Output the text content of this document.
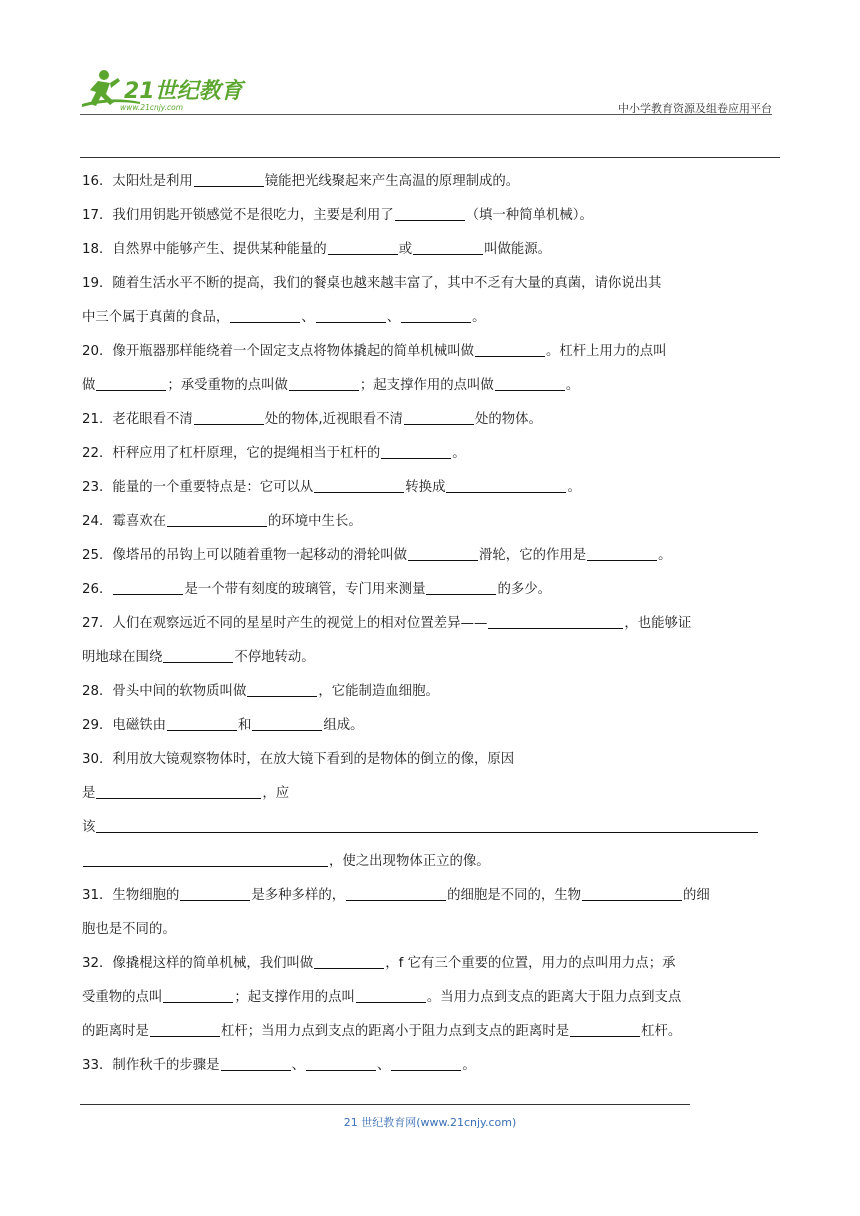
21世纪教育
www.21cnjy.com	中小学教育资源及组卷应用平台

16．太阳灶是利用	镜能把光线聚起来产生高温的原理制成的。

17．我们用钥匙开锁感觉不是很吃力，主要是利用了	（填一种简单机械）。

18．自然界中能够产生、提供某种能量的	或	叫做能源。

19．随着生活水平不断的提高，我们的餐桌也越来越丰富了，其中不乏有大量的真菌，请你说出其

中三个属于真菌的食品，	、	、	。

20．像开瓶器那样能绕着一个固定支点将物体撬起的简单机械叫做	。杠杆上用力的点叫

做	；承受重物的点叫做	；起支撑作用的点叫做	。

21．老花眼看不清	处的物体,近视眼看不清	处的物体。

22．杆秤应用了杠杆原理，它的提绳相当于杠杆的	。

23．能量的一个重要特点是：它可以从	转换成	。

24．霉喜欢在	的环境中生长。

25．像塔吊的吊钩上可以随着重物一起移动的滑轮叫做	滑轮，它的作用是	。

26．	是一个带有刻度的玻璃管，专门用来测量	的多少。

27．人们在观察远近不同的星星时产生的视觉上的相对位置差异——	，也能够证

明地球在围绕	不停地转动。

28．骨头中间的软物质叫做	，它能制造血细胞。

29．电磁铁由	和	组成。

30．利用放大镜观察物体时，在放大镜下看到的是物体的倒立的像，原因

是	，应

该

，使之出现物体正立的像。

31．生物细胞的	是多种多样的，	的细胞是不同的，生物	的细

胞也是不同的。

32．像撬棍这样的简单机械，我们叫做	，f 它有三个重要的位置，用力的点叫用力点；承

受重物的点叫	；起支撑作用的点叫	。当用力点到支点的距离大于阻力点到支点

的距离时是	杠杆；当用力点到支点的距离小于阻力点到支点的距离时是	杠杆。

33．制作秋千的步骤是	、	、	。

21 世纪教育网(www.21cnjy.com)
